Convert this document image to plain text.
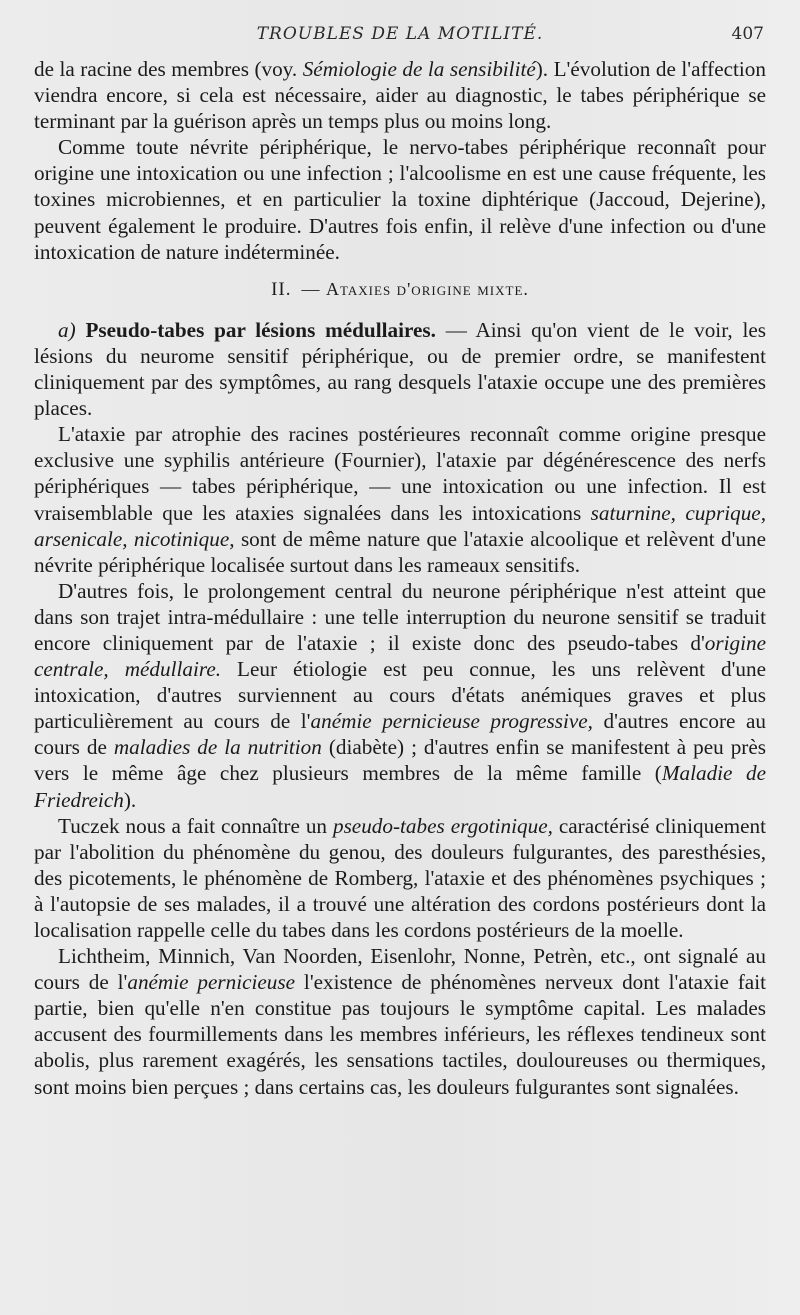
TROUBLES DE LA MOTILITÉ.	407

de la racine des membres (voy. Sémiologie de la sensibilité). L'évolution de l'affection viendra encore, si cela est nécessaire, aider au diagnostic, le tabes périphérique se terminant par la guérison après un temps plus ou moins long.

Comme toute névrite périphérique, le nervo-tabes périphérique reconnaît pour origine une intoxication ou une infection ; l'alcoolisme en est une cause fréquente, les toxines microbiennes, et en particulier la toxine diphtérique (Jaccoud, Dejerine), peuvent également le produire. D'autres fois enfin, il relève d'une infection ou d'une intoxication de nature indéterminée.

II. — Ataxies d'origine mixte.

a) Pseudo-tabes par lésions médullaires. — Ainsi qu'on vient de le voir, les lésions du neurome sensitif périphérique, ou de premier ordre, se manifestent cliniquement par des symptômes, au rang desquels l'ataxie occupe une des premières places.

L'ataxie par atrophie des racines postérieures reconnaît comme origine presque exclusive une syphilis antérieure (Fournier), l'ataxie par dégénérescence des nerfs périphériques — tabes périphérique, — une intoxication ou une infection. Il est vraisemblable que les ataxies signalées dans les intoxications saturnine, cuprique, arsenicale, nicotinique, sont de même nature que l'ataxie alcoolique et relèvent d'une névrite périphérique localisée surtout dans les rameaux sensitifs.

D'autres fois, le prolongement central du neurone périphérique n'est atteint que dans son trajet intra-médullaire : une telle interruption du neurone sensitif se traduit encore cliniquement par de l'ataxie ; il existe donc des pseudo-tabes d'origine centrale, médullaire. Leur étiologie est peu connue, les uns relèvent d'une intoxication, d'autres surviennent au cours d'états anémiques graves et plus particulièrement au cours de l'anémie pernicieuse progressive, d'autres encore au cours de maladies de la nutrition (diabète) ; d'autres enfin se manifestent à peu près vers le même âge chez plusieurs membres de la même famille (Maladie de Friedreich).

Tuczek nous a fait connaître un pseudo-tabes ergotinique, caractérisé cliniquement par l'abolition du phénomène du genou, des douleurs fulgurantes, des paresthésies, des picotements, le phénomène de Romberg, l'ataxie et des phénomènes psychiques ; à l'autopsie de ses malades, il a trouvé une altération des cordons postérieurs dont la localisation rappelle celle du tabes dans les cordons postérieurs de la moelle.

Lichtheim, Minnich, Van Noorden, Eisenlohr, Nonne, Petrèn, etc., ont signalé au cours de l'anémie pernicieuse l'existence de phénomènes nerveux dont l'ataxie fait partie, bien qu'elle n'en constitue pas toujours le symptôme capital. Les malades accusent des fourmillements dans les membres inférieurs, les réflexes tendineux sont abolis, plus rarement exagérés, les sensations tactiles, douloureuses ou thermiques, sont moins bien perçues ; dans certains cas, les douleurs fulgurantes sont signalées.
